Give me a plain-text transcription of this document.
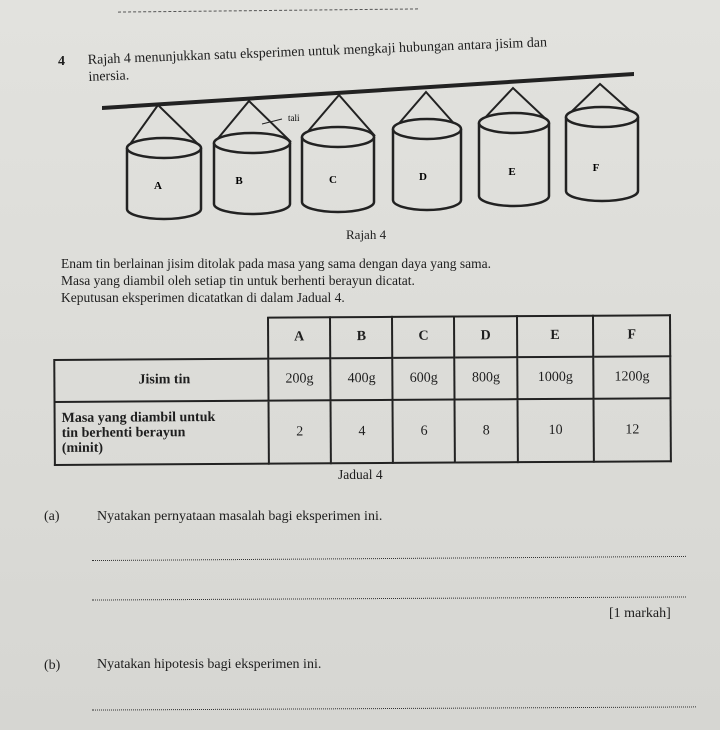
4 Rajah 4 menunjukkan satu eksperimen untuk mengkaji hubungan antara jisim dan
inersia.
tali
A	B	C	D	E	F
Rajah 4
Enam tin berlainan jisim ditolak pada masa yang sama dengan daya yang sama.
Masa yang diambil oleh setiap tin untuk berhenti berayun dicatat.
Keputusan eksperimen dicatatkan di dalam Jadual 4.
	A	B	C	D	E	F
Jisim tin	200g	400g	600g	800g	1000g	1200g

Masa yang diambil untuk
tin berhenti berayun
(minit)	2	4	6	8	10	12
Jadual 4
(a)	Nyatakan pernyataan masalah bagi eksperimen ini.
[1 markah]
(b)	Nyatakan hipotesis bagi eksperimen ini.
